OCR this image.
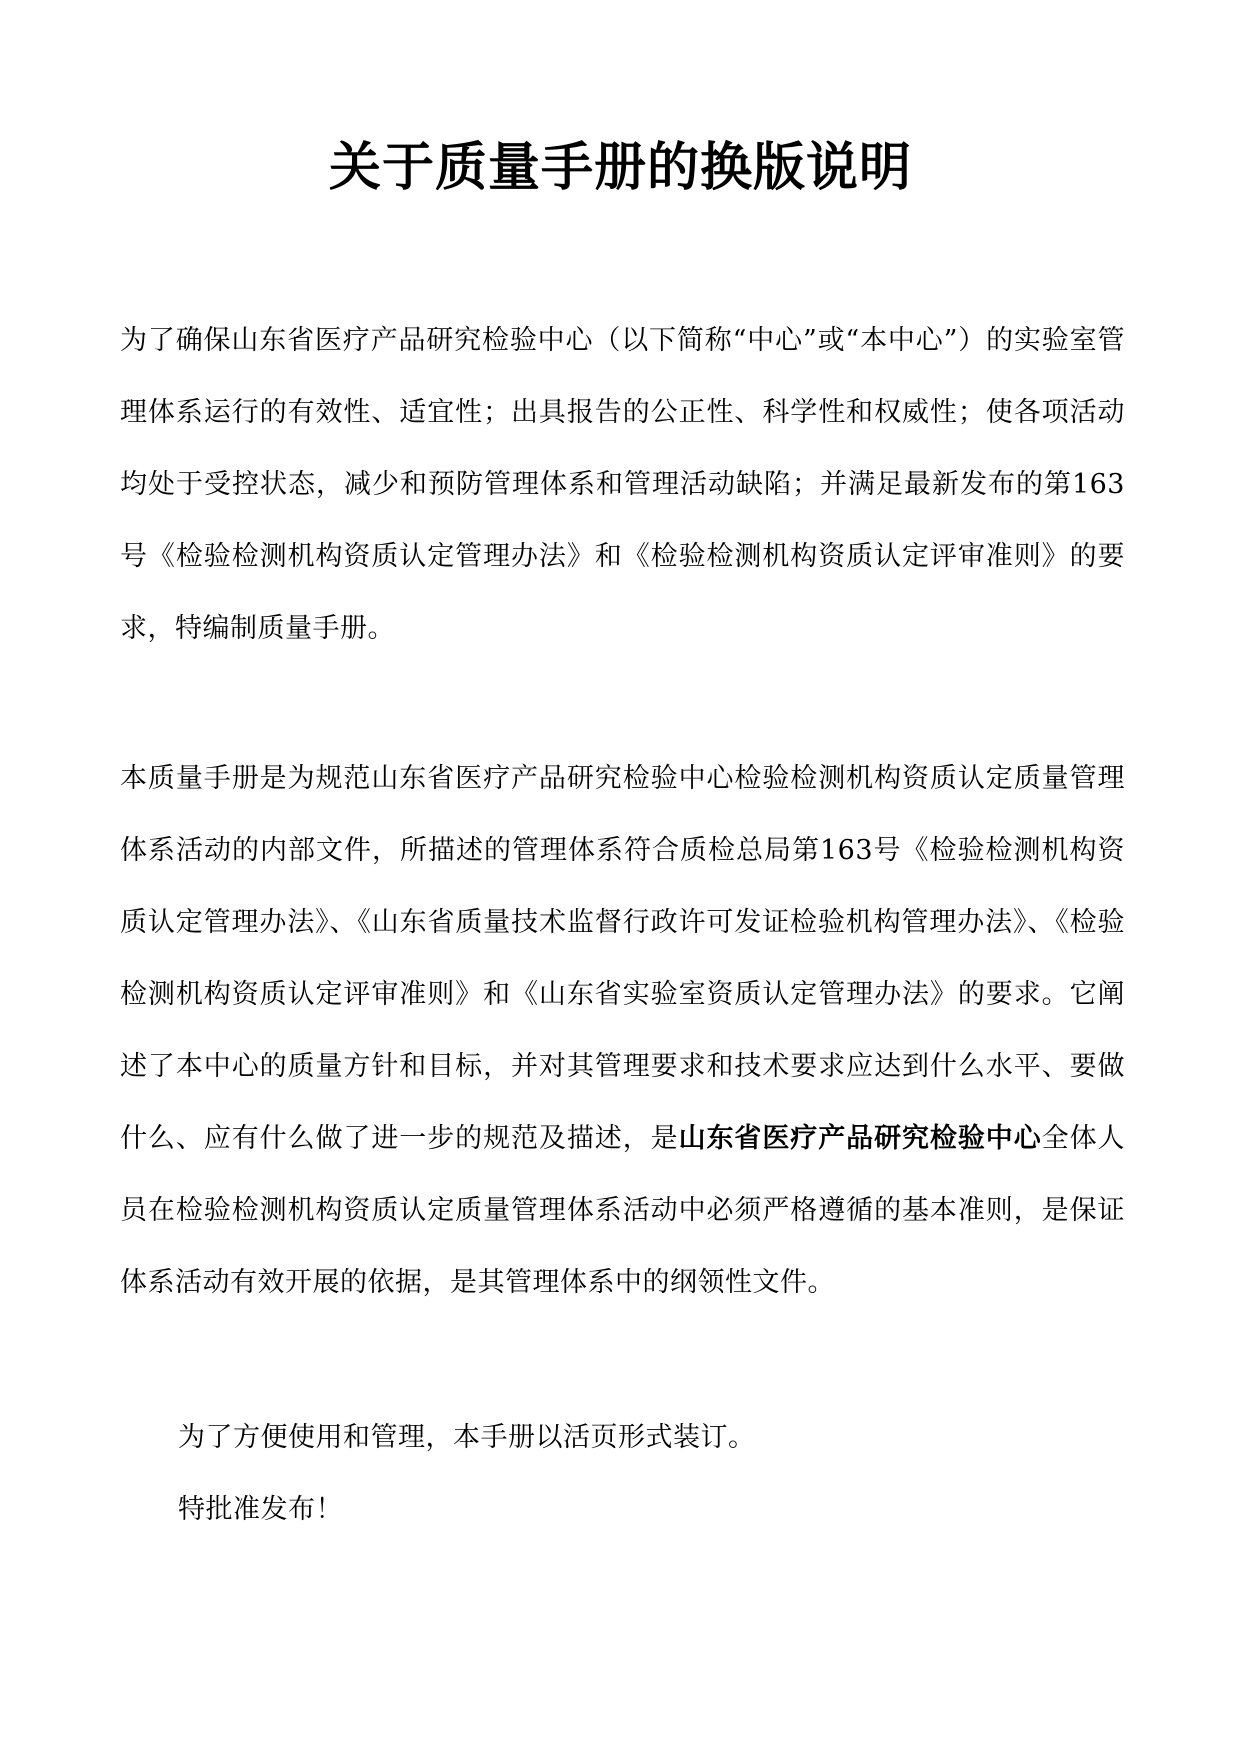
关于质量手册的换版说明

为了确保山东省医疗产品研究检验中心（以下简称“中心”或“本中心”）的实验室管理体系运行的有效性、适宜性；出具报告的公正性、科学性和权威性；使各项活动均处于受控状态，减少和预防管理体系和管理活动缺陷；并满足最新发布的第163号《检验检测机构资质认定管理办法》和《检验检测机构资质认定评审准则》的要求，特编制质量手册。

本质量手册是为规范山东省医疗产品研究检验中心检验检测机构资质认定质量管理体系活动的内部文件，所描述的管理体系符合质检总局第163号《检验检测机构资质认定管理办法》、《山东省质量技术监督行政许可发证检验机构管理办法》、《检验检测机构资质认定评审准则》和《山东省实验室资质认定管理办法》的要求。它阐述了本中心的质量方针和目标，并对其管理要求和技术要求应达到什么水平、要做什么、应有什么做了进一步的规范及描述，是山东省医疗产品研究检验中心全体人员在检验检测机构资质认定质量管理体系活动中必须严格遵循的基本准则，是保证体系活动有效开展的依据，是其管理体系中的纲领性文件。

为了方便使用和管理，本手册以活页形式装订。

特批准发布！
